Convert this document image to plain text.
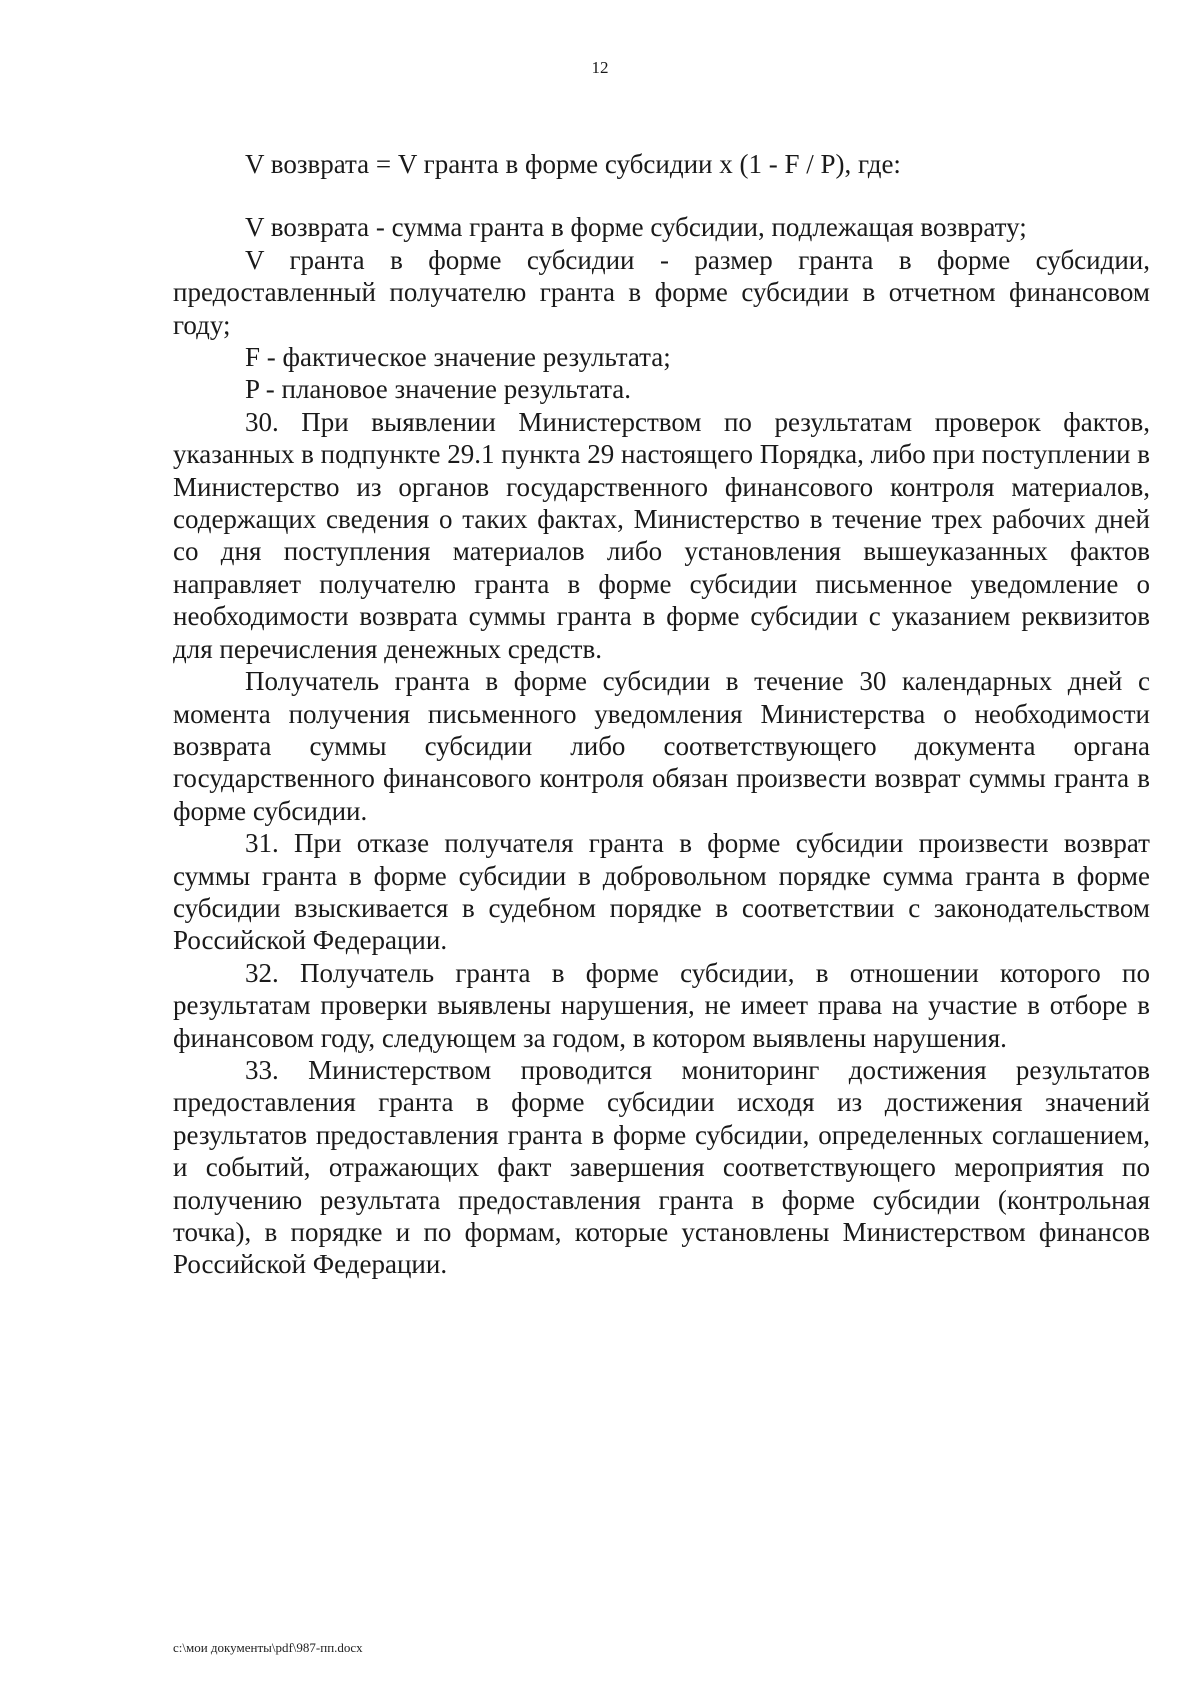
12

V возврата = V гранта в форме субсидии x (1 - F / P), где:

V возврата - сумма гранта в форме субсидии, подлежащая возврату;

V гранта в форме субсидии - размер гранта в форме субсидии, предоставленный получателю гранта в форме субсидии в отчетном финансовом году;

F - фактическое значение результата;

P - плановое значение результата.

30. При выявлении Министерством по результатам проверок фактов, указанных в подпункте 29.1 пункта 29 настоящего Порядка, либо при поступлении в Министерство из органов государственного финансового контроля материалов, содержащих сведения о таких фактах, Министерство в течение трех рабочих дней со дня поступления материалов либо установления вышеуказанных фактов направляет получателю гранта в форме субсидии письменное уведомление о необходимости возврата суммы гранта в форме субсидии с указанием реквизитов для перечисления денежных средств.

Получатель гранта в форме субсидии в течение 30 календарных дней с момента получения письменного уведомления Министерства о необходимости возврата суммы субсидии либо соответствующего документа органа государственного финансового контроля обязан произвести возврат суммы гранта в форме субсидии.

31. При отказе получателя гранта в форме субсидии произвести возврат суммы гранта в форме субсидии в добровольном порядке сумма гранта в форме субсидии взыскивается в судебном порядке в соответствии с законодательством Российской Федерации.

32. Получатель гранта в форме субсидии, в отношении которого по результатам проверки выявлены нарушения, не имеет права на участие в отборе в финансовом году, следующем за годом, в котором выявлены нарушения.

33. Министерством проводится мониторинг достижения результатов предоставления гранта в форме субсидии исходя из достижения значений результатов предоставления гранта в форме субсидии, определенных соглашением, и событий, отражающих факт завершения соответствующего мероприятия по получению результата предоставления гранта в форме субсидии (контрольная точка), в порядке и по формам, которые установлены Министерством финансов Российской Федерации.

c:\мои документы\pdf\987-пп.docx
